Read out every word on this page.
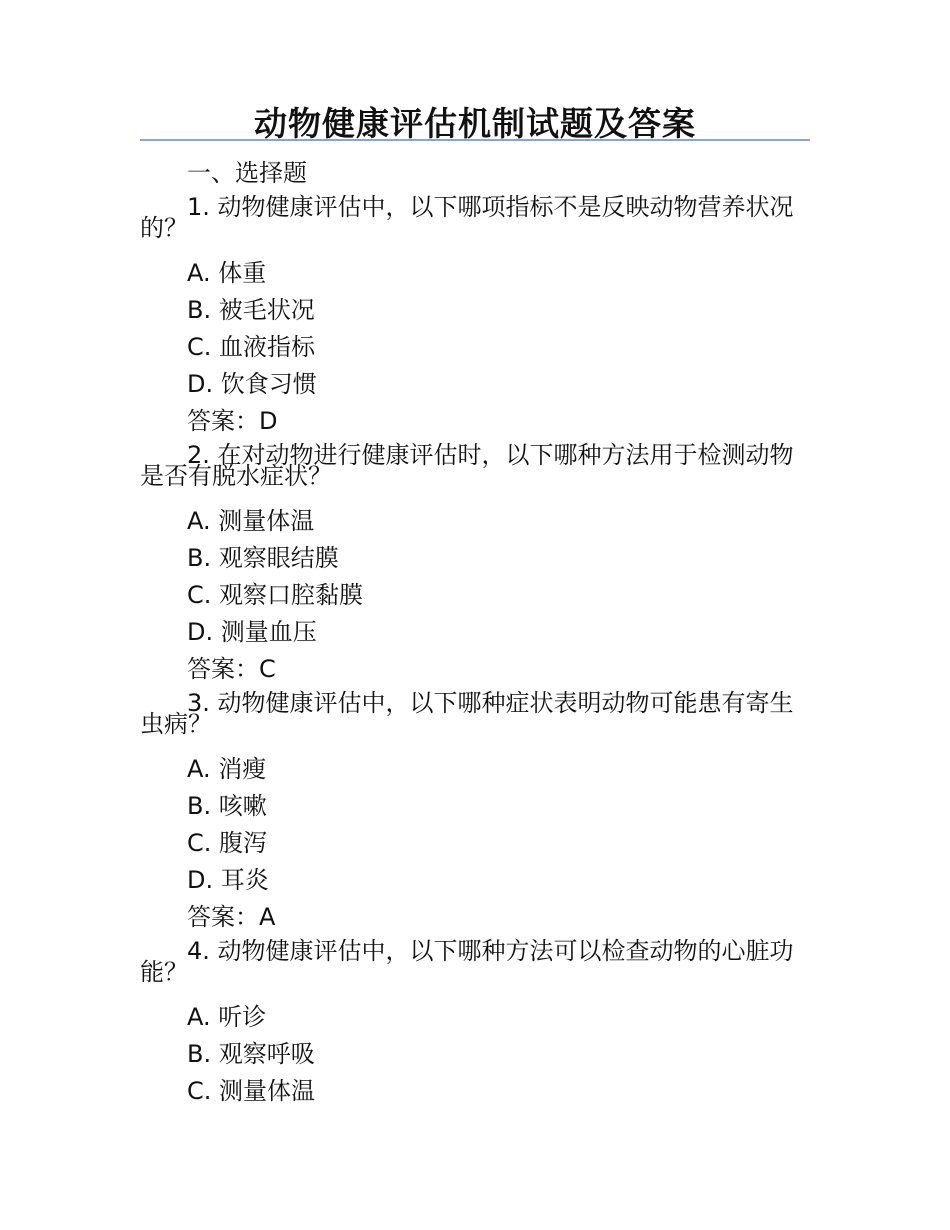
动物健康评估机制试题及答案
一、选择题
1. 动物健康评估中，以下哪项指标不是反映动物营养状况
的？
A. 体重
B. 被毛状况
C. 血液指标
D. 饮食习惯
答案：D
2. 在对动物进行健康评估时，以下哪种方法用于检测动物
是否有脱水症状？
A. 测量体温
B. 观察眼结膜
C. 观察口腔黏膜
D. 测量血压
答案：C
3. 动物健康评估中，以下哪种症状表明动物可能患有寄生
虫病？
A. 消瘦
B. 咳嗽
C. 腹泻
D. 耳炎
答案：A
4. 动物健康评估中，以下哪种方法可以检查动物的心脏功
能？
A. 听诊
B. 观察呼吸
C. 测量体温
